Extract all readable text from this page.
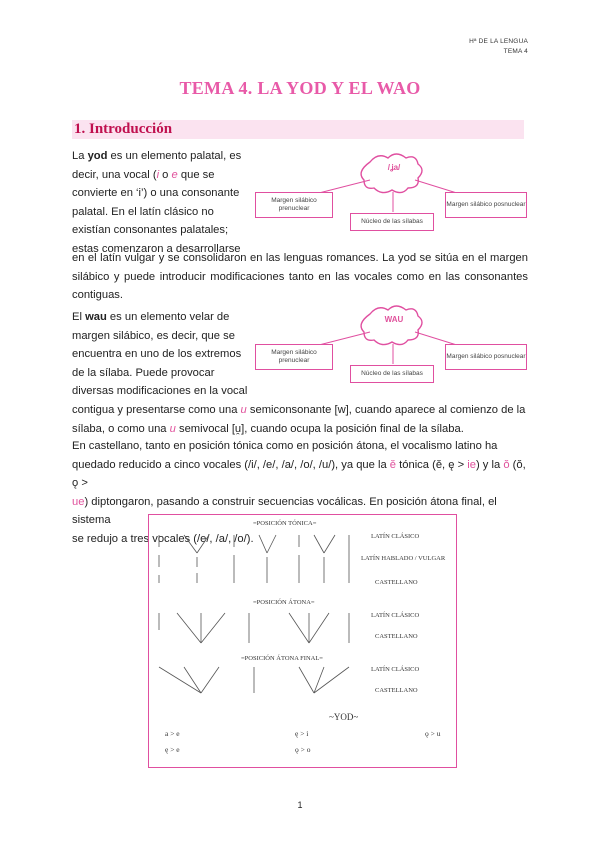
Hª DE LA LENGUA
TEMA 4
TEMA 4. LA YOD Y EL WAO
1. Introducción
La yod es un elemento palatal, es
decir, una vocal (i o e que se
convierte en ‘i’) o una consonante
palatal. En el latín clásico no
existían consonantes palatales;
estas comenzaron a desarrollarse
en el latín vulgar y se consolidaron en las lenguas romances. La yod se sitúa en el margen silábico y puede introducir modificaciones tanto en las vocales como en las consonantes contiguas.
/ʝa/
Margen silábico prenuclear
Núcleo de las sílabas
Margen silábico posnuclear
El wau es un elemento velar de
margen silábico, es decir, que se
encuentra en uno de los extremos
de la sílaba. Puede provocar
diversas modificaciones en la vocal
contigua y presentarse como una u semiconsonante [w], cuando aparece al comienzo de la
sílaba, o como una u semivocal [u̯], cuando ocupa la posición final de la sílaba.
WAU
Margen silábico prenuclear
Núcleo de las sílabas
Margen silábico posnuclear
En castellano, tanto en posición tónica como en posición átona, el vocalismo latino ha
quedado reducido a cinco vocales (/i/, /e/, /a/, /o/, /u/), ya que la ĕ tónica (ĕ, ę > ie) y la ŏ (ŏ, ǫ >
ue) diptongaron, pasando a construir secuencias vocálicas. En posición átona final, el sistema
se redujo a tres vocales (/e/, /a/, /o/).
=POSICIÓN TÓNICA=
LATÍN CLÁSICO
LATÍN HABLADO / VULGAR
CASTELLANO
=POSICIÓN ÁTONA=
LATÍN CLÁSICO
CASTELLANO
=POSICIÓN ÁTONA FINAL=
LATÍN CLÁSICO
CASTELLANO
~YOD~
a > e	ę > i	ǫ > u
ę > e	ǫ > o
1
